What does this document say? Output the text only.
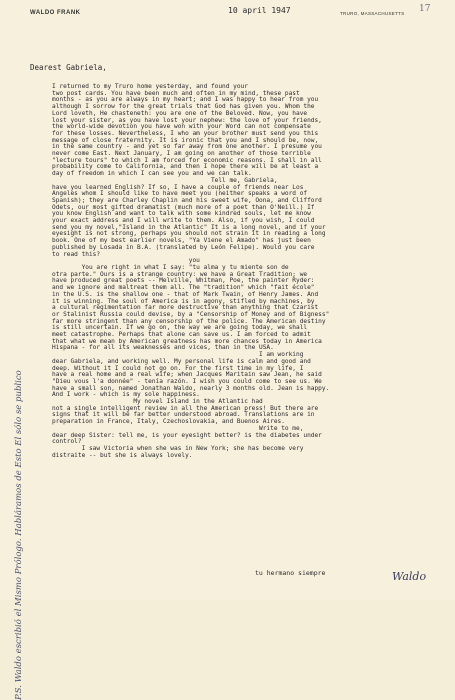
WALDO FRANK	10 april 1947	TRURO, MASSACHUSETTS 17
Dearest Gabriela,
I returned to my Truro home yesterday, and found your
two post cards. You have been much and often in my mind, these past
months - as you are always in my heart; and I was happy to hear from you
although I sorrow for the great trials that God has given you. Whom the
Lord loveth, He chasteneth: you are one of the Beloved. Now, you have
lost your sister, as you have lost your nephew: the love of your friends,
the world-wide devotion you have won with your Word can not compensate
for these losses. Nevertheless, I who am your brother must send you this
message of close fraternity. It is ironic that you and I should be, now,
in the same country - and yet so far away from one another. I presume you
never come East. Next January, I am going on another of those terrible
"lecture tours" to which I am forced for economic reasons. I shall in all
probability come to California, and then I hope there will be at least a
day of freedom in which I can see you and we can talk.
Tell me, Gabriela,
have you learned English? If so, I have a couple of friends near Los
Angeles whom I should like to have meet you (neither speaks a word of
Spanish); they are Charley Chaplin and his sweet wife, Oona, and Clifford
Odets, our most gifted dramatist (much more of a poet than O'Neill.) If
you know English and want to talk with some kindred souls, let me know
your exact address and I will write to them. Also, if you wish, I could
send you my novel,"Island in the Atlantic" It is a long novel, and if your
eyesight is not strong, perhaps you should not strain it in reading a long
book. One of my best earlier novels, "Ya Viene el Amado" has just been
published by Losada in B.A. (translated by León Felipe). Would you care
to read this?
you
You are right in what I say: "tu alma y tu miente son de
otra parte." Ours is a strange country: we have a Great Tradition; we
have produced great poets -- Melville, Whitman, Poe, the painter Ryder:
and we ignore and maltreat them all. The "tradition" which "fait école"
in the U.S. is the shallow one - that of Mark Twain, of Henry James. And
it is winning. The soul of America is in agony, stifled by machines, by
a cultural regimentation far more destructive than anything that Czarist
or Stalinist Russia could devise, by a "Censorship of Money and of Bigness"
far more stringent than any censorship of the police. The American destiny
is still uncertain. If we go on, the way we are going today, we shall
meet catastrophe. Perhaps that alone can save us. I am forced to admit
that what we mean by American greatness has more chances today in America
Hispana - for all its weaknesses and vices, than in the USA.
I am working
dear Gabriela, and working well. My personal life is calm and good and
deep. Without it I could not go on. For the first time in my life, I
have a real home and a real wife; when Jacques Maritain saw Jean, he said
"Dieu vous l'a donnée" - tenía razón. I wish you could come to see us. We
have a small son, named Jonathan Waldo, nearly 3 months old. Jean is happy.
And I work - which is my sole happiness.
My novel Island in the Atlantic had
not a single intelligent review in all the American press! But there are
signs that it will be far better understood abroad. Translations are in
preparation in France, Italy, Czechoslovakia, and Buenos Aires.
Write to me,
dear deep Sister: tell me, is your eyesight better? is the diabetes under
control?
I saw Victoria when she was in New York; she has become very
distraite -- but she is always lovely.
P.S. Waldo escribió el Mismo Prólogo. Habláramos de Esto El sólo se publico	tu hermano siempre	Waldo
